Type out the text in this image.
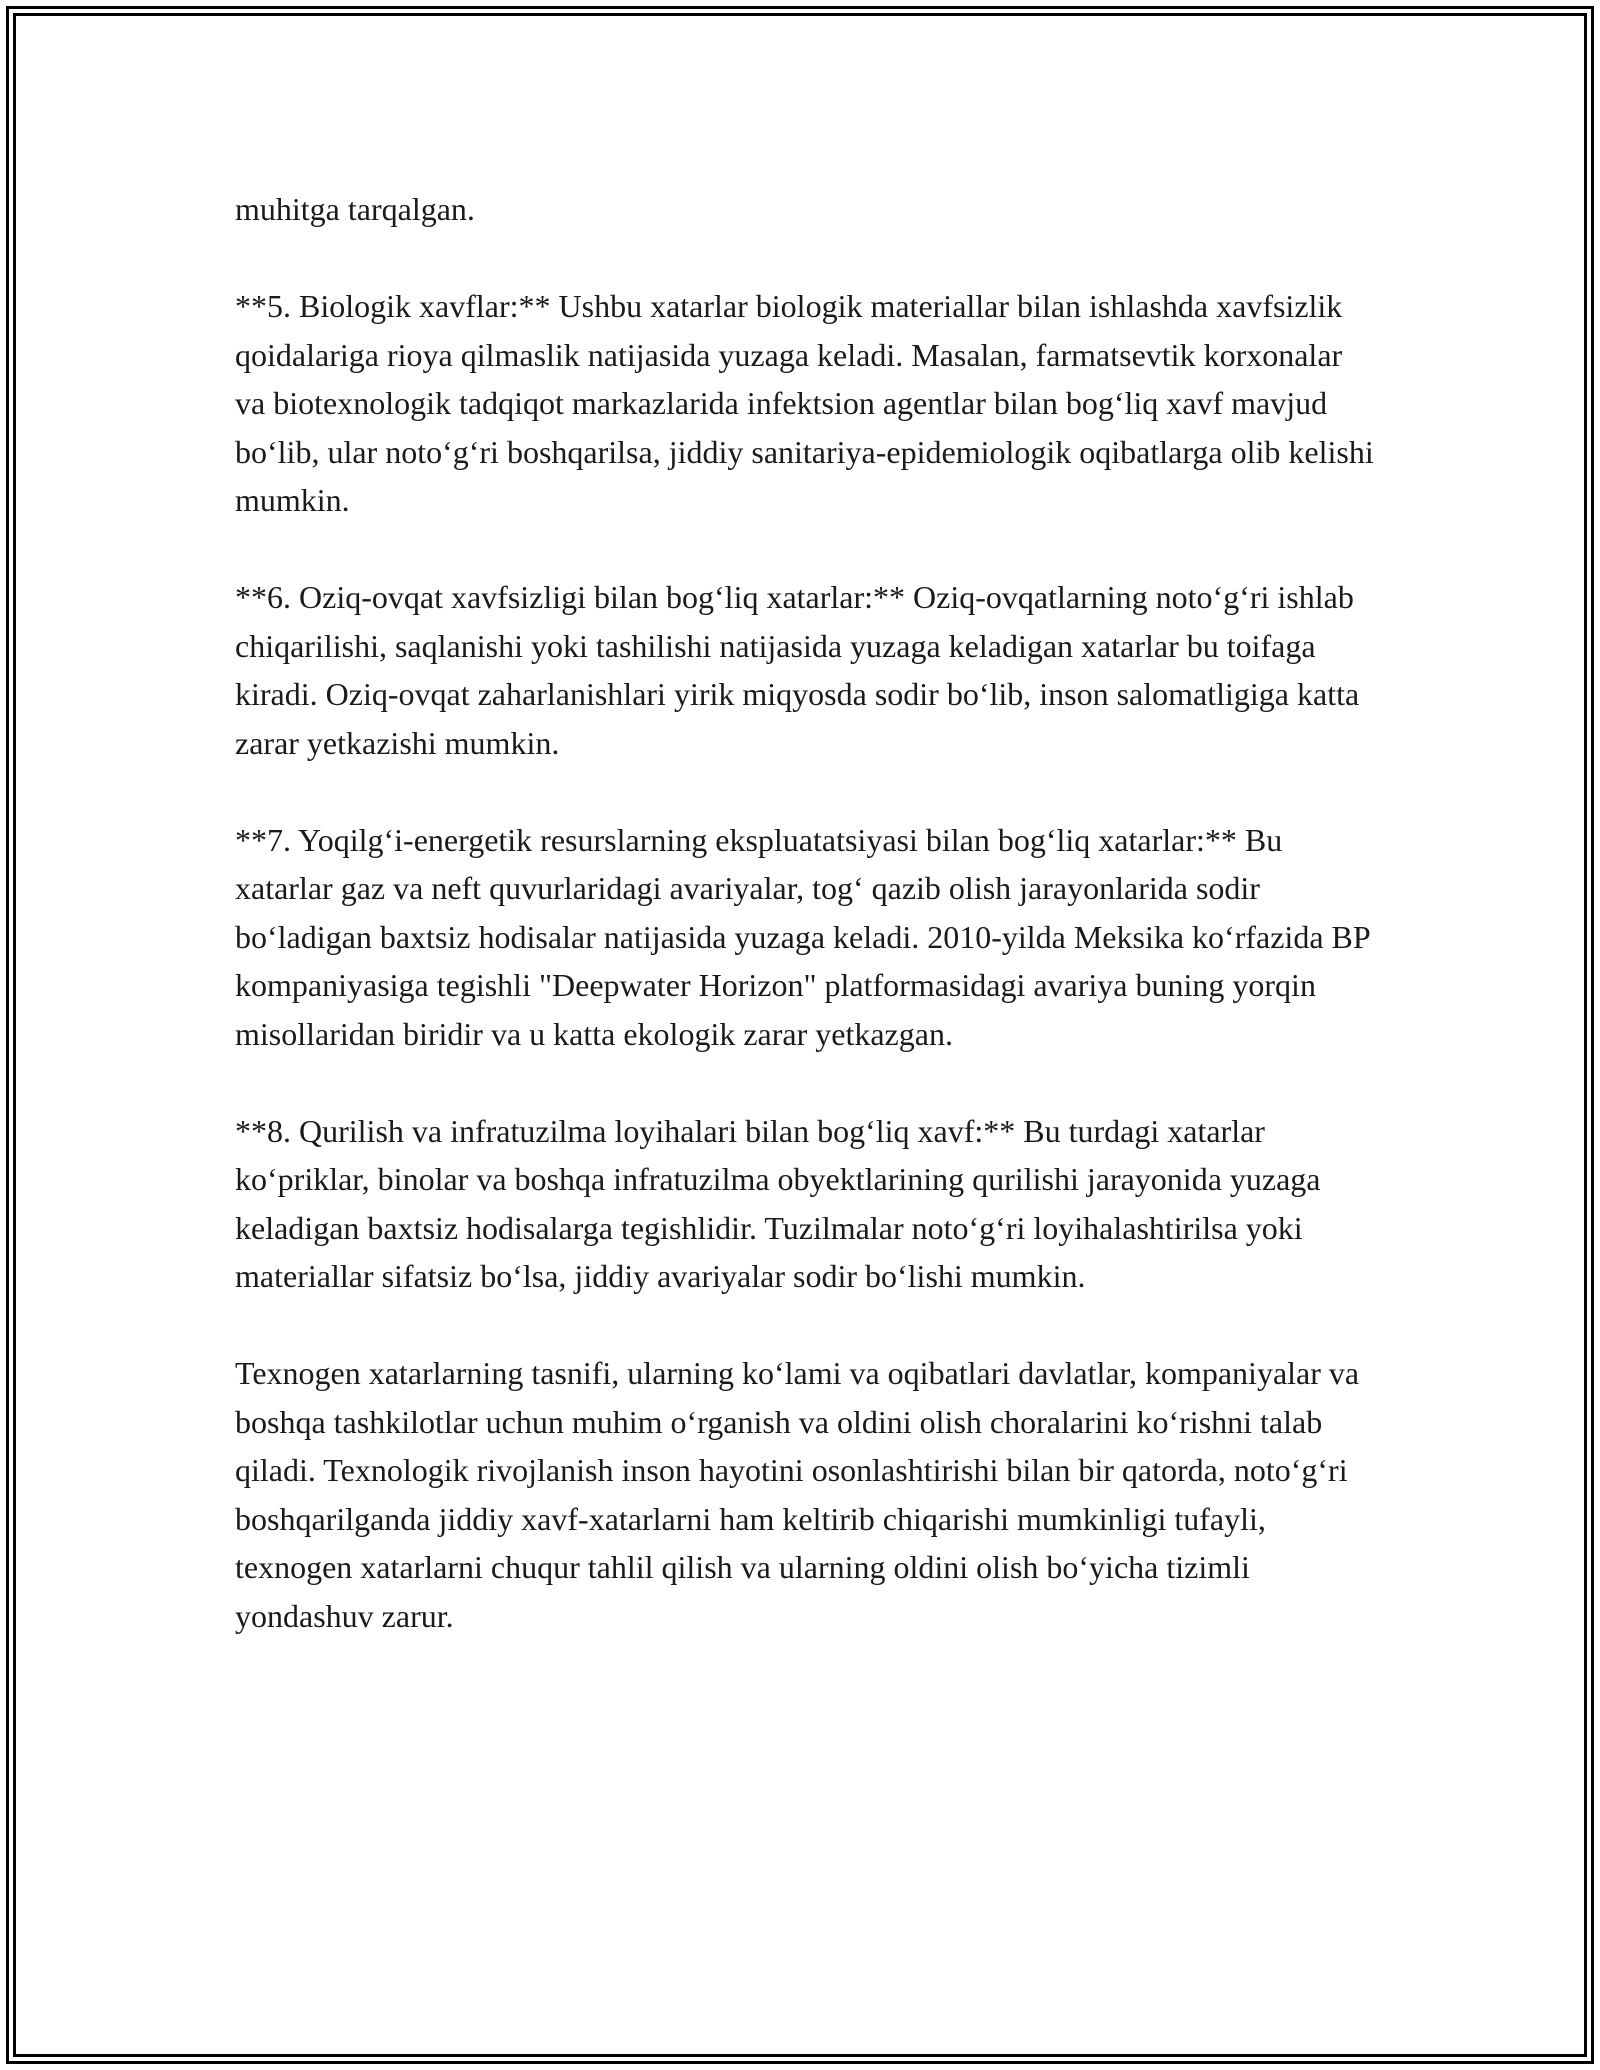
muhitga tarqalgan.

**5. Biologik xavflar:** Ushbu xatarlar biologik materiallar bilan ishlashda xavfsizlik qoidalariga rioya qilmaslik natijasida yuzaga keladi. Masalan, farmatsevtik korxonalar va biotexnologik tadqiqot markazlarida infektsion agentlar bilan bog‘liq xavf mavjud bo‘lib, ular noto‘g‘ri boshqarilsa, jiddiy sanitariya-epidemiologik oqibatlarga olib kelishi mumkin.

**6. Oziq-ovqat xavfsizligi bilan bog‘liq xatarlar:** Oziq-ovqatlarning noto‘g‘ri ishlab chiqarilishi, saqlanishi yoki tashilishi natijasida yuzaga keladigan xatarlar bu toifaga kiradi. Oziq-ovqat zaharlanishlari yirik miqyosda sodir bo‘lib, inson salomatligiga katta zarar yetkazishi mumkin.

**7. Yoqilg‘i-energetik resurslarning ekspluatatsiyasi bilan bog‘liq xatarlar:** Bu xatarlar gaz va neft quvurlaridagi avariyalar, tog‘ qazib olish jarayonlarida sodir bo‘ladigan baxtsiz hodisalar natijasida yuzaga keladi. 2010-yilda Meksika ko‘rfazida BP kompaniyasiga tegishli "Deepwater Horizon" platformasidagi avariya buning yorqin misollaridan biridir va u katta ekologik zarar yetkazgan.

**8. Qurilish va infratuzilma loyihalari bilan bog‘liq xavf:** Bu turdagi xatarlar ko‘priklar, binolar va boshqa infratuzilma obyektlarining qurilishi jarayonida yuzaga keladigan baxtsiz hodisalarga tegishlidir. Tuzilmalar noto‘g‘ri loyihalashtirilsa yoki materiallar sifatsiz bo‘lsa, jiddiy avariyalar sodir bo‘lishi mumkin.

Texnogen xatarlarning tasnifi, ularning ko‘lami va oqibatlari davlatlar, kompaniyalar va boshqa tashkilotlar uchun muhim o‘rganish va oldini olish choralarini ko‘rishni talab qiladi. Texnologik rivojlanish inson hayotini osonlashtirishi bilan bir qatorda, noto‘g‘ri boshqarilganda jiddiy xavf-xatarlarni ham keltirib chiqarishi mumkinligi tufayli, texnogen xatarlarni chuqur tahlil qilish va ularning oldini olish bo‘yicha tizimli yondashuv zarur.
